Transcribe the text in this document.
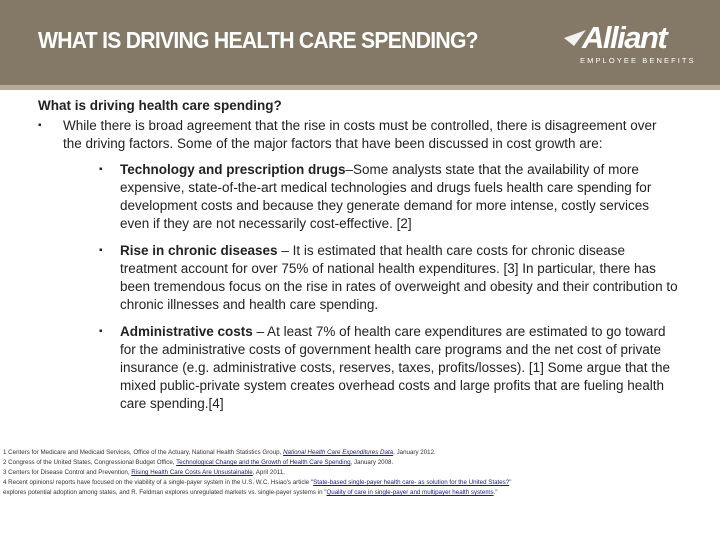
WHAT IS DRIVING HEALTH CARE SPENDING?	Alliant
EMPLOYEE BENEFITS

What is driving health care spending?

▪ While there is broad agreement that the rise in costs must be controlled, there is disagreement over the driving factors. Some of the major factors that have been discussed in cost growth are:
▪ Technology and prescription drugs–Some analysts state that the availability of more expensive, state-of-the-art medical technologies and drugs fuels health care spending for development costs and because they generate demand for more intense, costly services even if they are not necessarily cost-effective. [2]
▪ Rise in chronic diseases – It is estimated that health care costs for chronic disease treatment account for over 75% of national health expenditures. [3] In particular, there has been tremendous focus on the rise in rates of overweight and obesity and their contribution to chronic illnesses and health care spending.
▪ Administrative costs – At least 7% of health care expenditures are estimated to go toward for the administrative costs of government health care programs and the net cost of private insurance (e.g. administrative costs, reserves, taxes, profits/losses). [1] Some argue that the mixed public-private system creates overhead costs and large profits that are fueling health care spending.[4]

1 Centers for Medicare and Medicaid Services, Office of the Actuary, National Health Statistics Group, National Health Care Expenditures Data, January 2012.

2 Congress of the United States, Congressional Budget Office, Technological Change and the Growth of Health Care Spending, January 2008.

3 Centers for Disease Control and Prevention, Rising Health Care Costs Are Unsustainable, April 2011.

4 Recent opinions/ reports have focused on the viability of a single-payer system in the U.S. W.C. Hsiao's article "State-based single-payer health care- as solution for the United States?"

explores potential adoption among states, and R. Feldman explores unregulated markets vs. single-payer systems in "Quality of care in single-payer and multipayer health systems."
